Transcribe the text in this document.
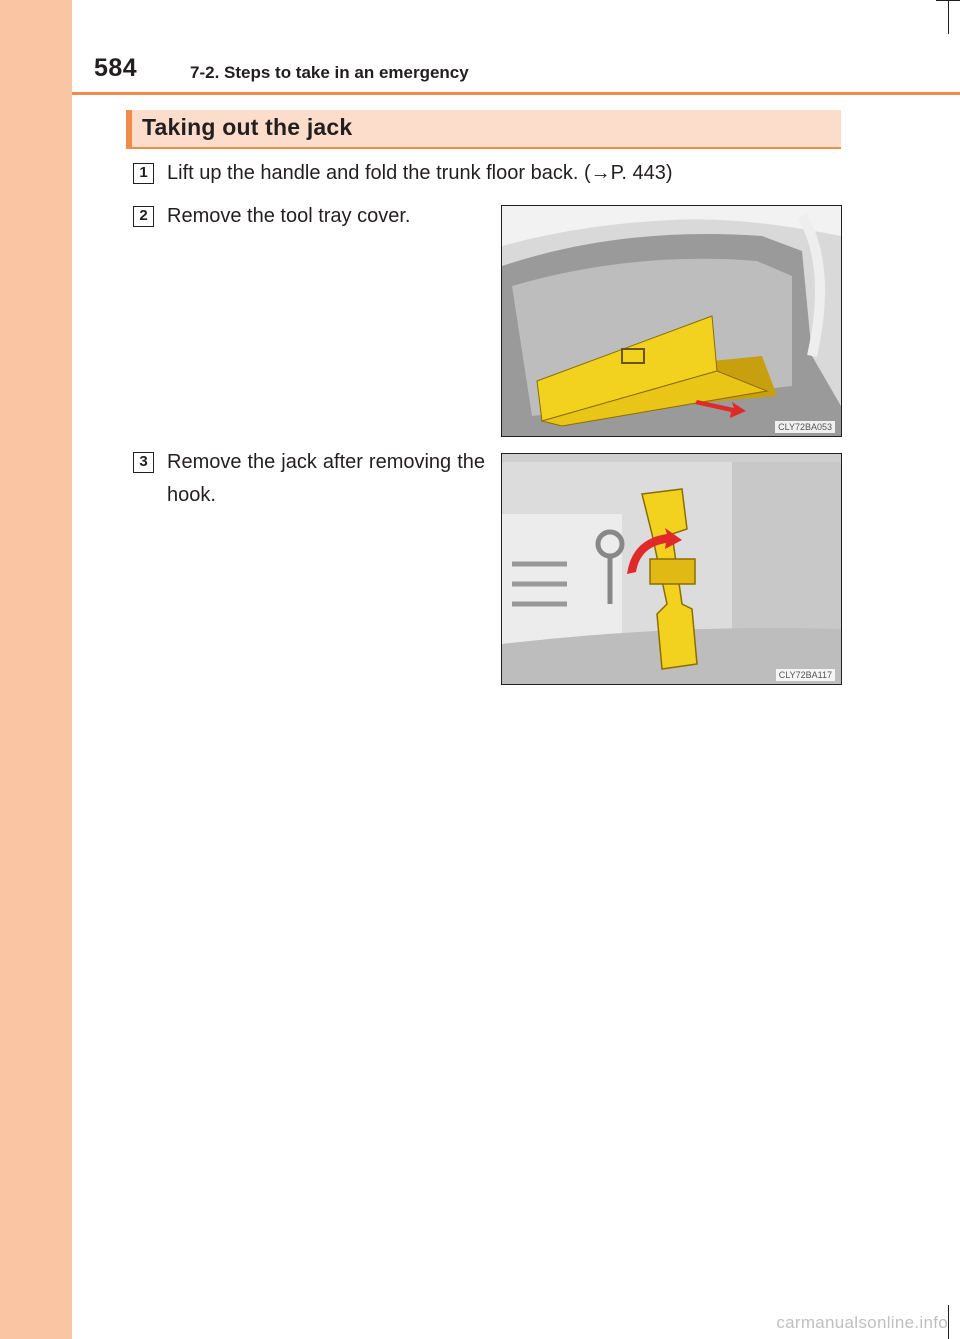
584	7-2. Steps to take in an emergency
Taking out the jack
1 Lift up the handle and fold the trunk floor back. (→P. 443)
2 Remove the tool tray cover.
CLY72BA053
3 Remove the jack after removing the hook.
CLY72BA117
carmanualsonline.info
